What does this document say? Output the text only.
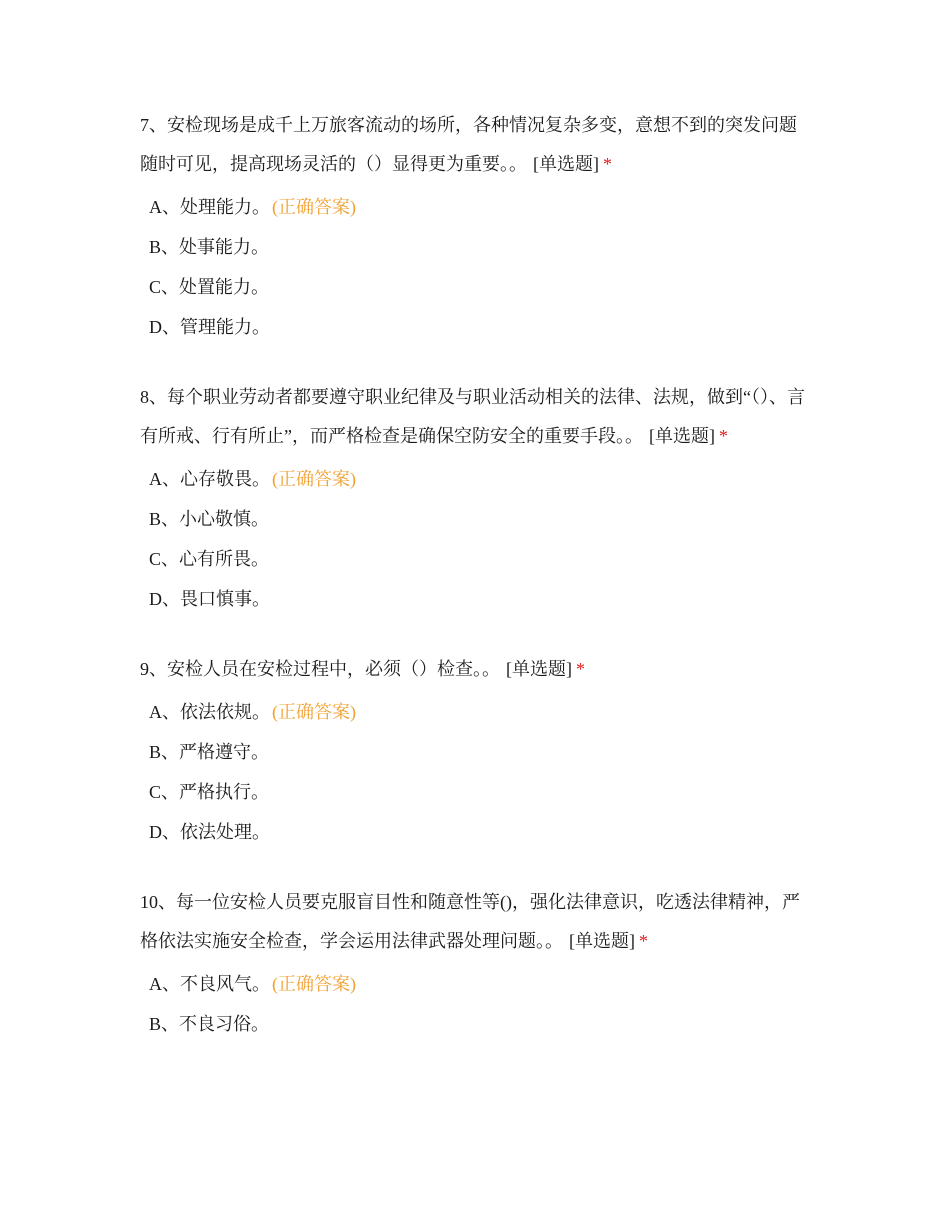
7、安检现场是成千上万旅客流动的场所，各种情况复杂多变，意想不到的突发问题随时可见，提高现场灵活的（）显得更为重要。。 [单选题] *
A、处理能力。 (正确答案)
B、处事能力。
C、处置能力。
D、管理能力。
8、每个职业劳动者都要遵守职业纪律及与职业活动相关的法律、法规，做到“（）、言有所戒、行有所止”，而严格检查是确保空防安全的重要手段。。 [单选题] *
A、心存敬畏。 (正确答案)
B、小心敬慎。
C、心有所畏。
D、畏口慎事。
9、安检人员在安检过程中，必须（）检查。。 [单选题] *
A、依法依规。 (正确答案)
B、严格遵守。
C、严格执行。
D、依法处理。
10、每一位安检人员要克服盲目性和随意性等()，强化法律意识，吃透法律精神，严格依法实施安全检查，学会运用法律武器处理问题。。 [单选题] *
A、不良风气。 (正确答案)
B、不良习俗。
